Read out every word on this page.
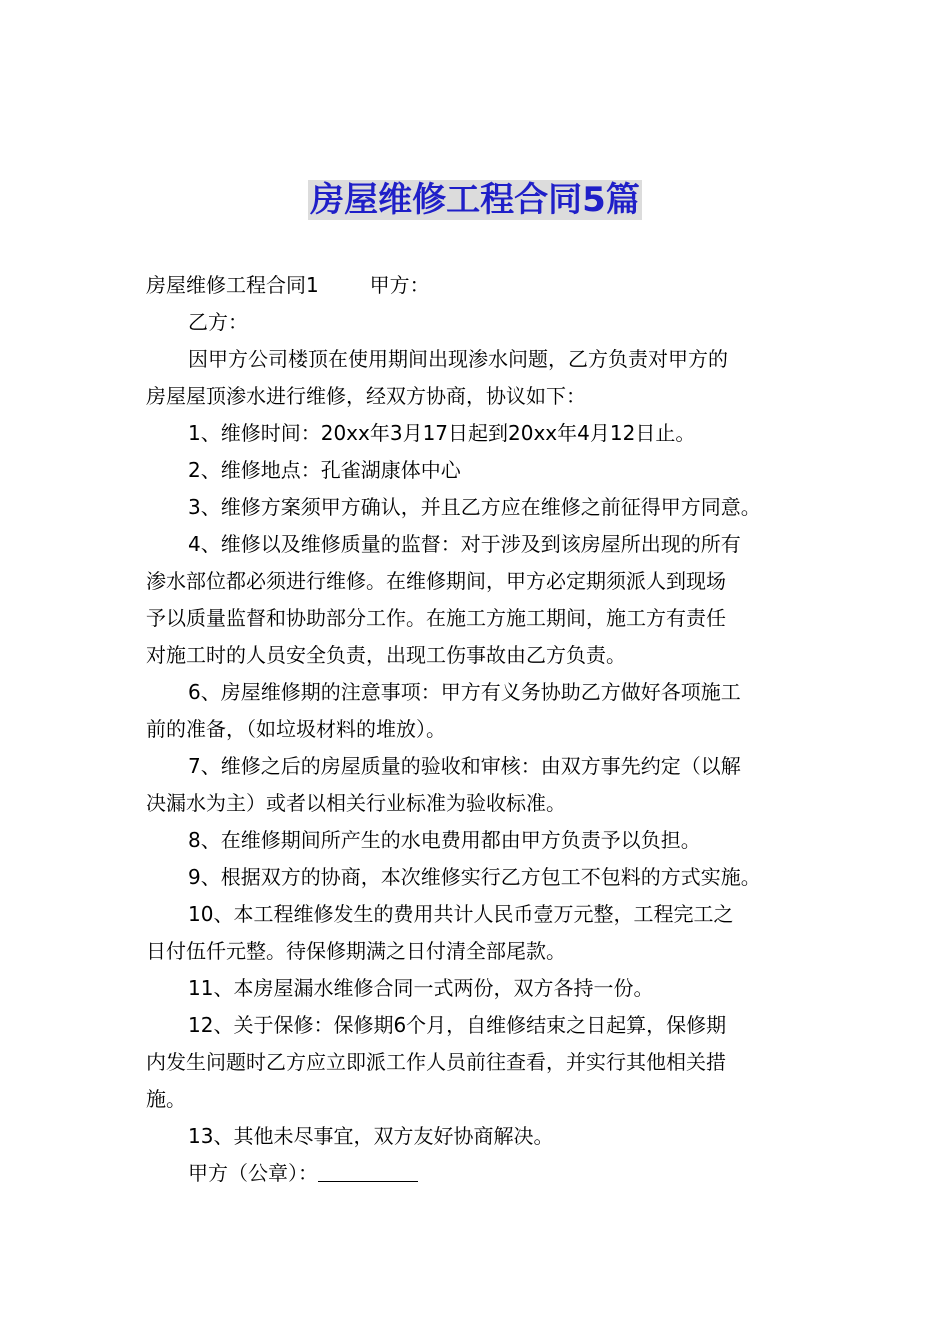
房屋维修工程合同5篇
房屋维修工程合同1        甲方：
乙方：
因甲方公司楼顶在使用期间出现渗水问题，乙方负责对甲方的
房屋屋顶渗水进行维修，经双方协商，协议如下：
1、维修时间：20xx年3月17日起到20xx年4月12日止。
2、维修地点：孔雀湖康体中心
3、维修方案须甲方确认，并且乙方应在维修之前征得甲方同意。
4、维修以及维修质量的监督：对于涉及到该房屋所出现的所有
渗水部位都必须进行维修。在维修期间，甲方必定期须派人到现场
予以质量监督和协助部分工作。在施工方施工期间，施工方有责任
对施工时的人员安全负责，出现工伤事故由乙方负责。
6、房屋维修期的注意事项：甲方有义务协助乙方做好各项施工
前的准备，（如垃圾材料的堆放）。
7、维修之后的房屋质量的验收和审核：由双方事先约定（以解
决漏水为主）或者以相关行业标准为验收标准。
8、在维修期间所产生的水电费用都由甲方负责予以负担。
9、根据双方的协商，本次维修实行乙方包工不包料的方式实施。
10、本工程维修发生的费用共计人民币壹万元整，工程完工之
日付伍仟元整。待保修期满之日付清全部尾款。
11、本房屋漏水维修合同一式两份，双方各持一份。
12、关于保修：保修期6个月，自维修结束之日起算，保修期
内发生问题时乙方应立即派工作人员前往查看，并实行其他相关措
施。
13、其他未尽事宜，双方友好协商解决。
甲方（公章）：
